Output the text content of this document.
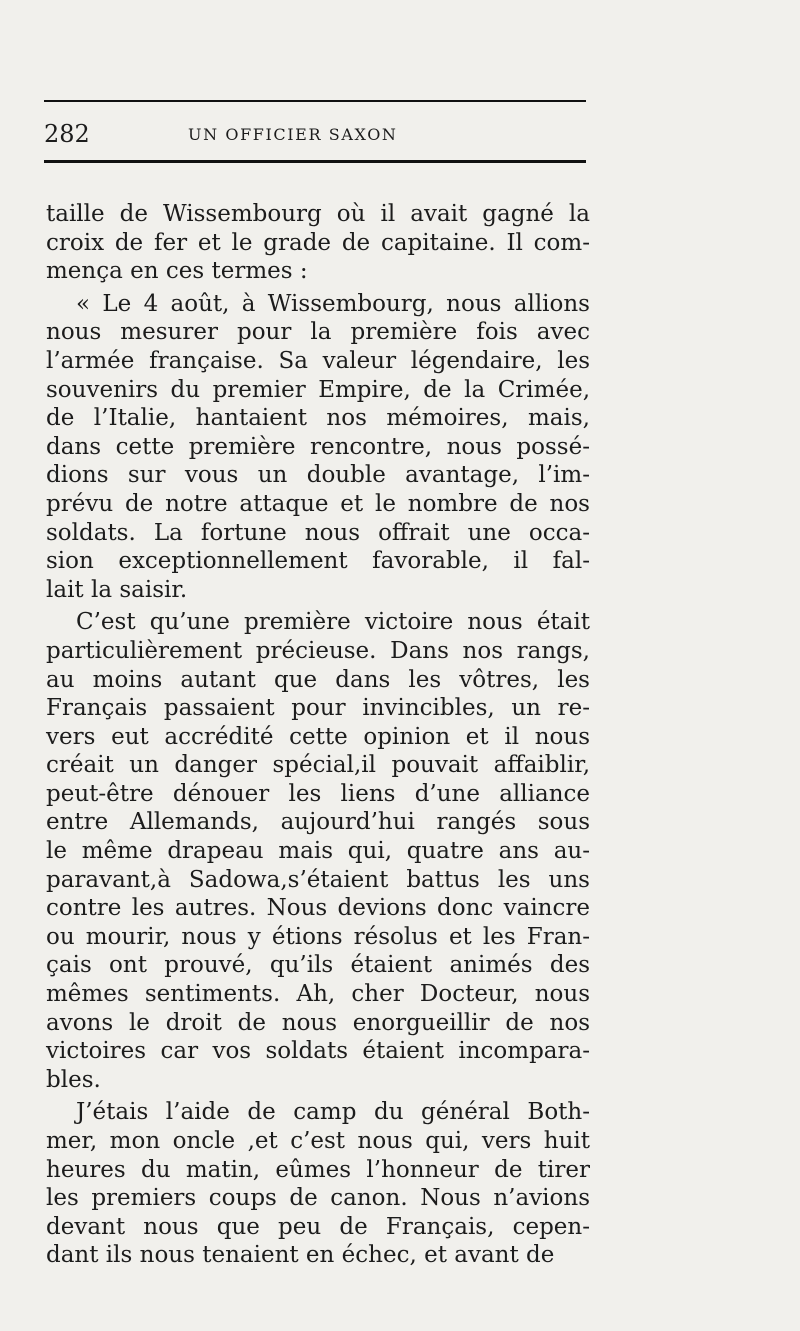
282	UN OFFICIER SAXON
taille de Wissembourg où il avait gagné la
croix de fer et le grade de capitaine. Il com-
mença en ces termes :
« Le 4 août, à Wissembourg, nous allions
nous mesurer pour la première fois avec
l’armée française. Sa valeur légendaire, les
souvenirs du premier Empire, de la Crimée,
de l’Italie, hantaient nos mémoires, mais,
dans cette première rencontre, nous possé-
dions sur vous un double avantage, l’im-
prévu de notre attaque et le nombre de nos
soldats. La fortune nous offrait une occa-
sion exceptionnellement favorable, il fal-
lait la saisir.
C’est qu’une première victoire nous était
particulièrement précieuse. Dans nos rangs,
au moins autant que dans les vôtres, les
Français passaient pour invincibles, un re-
vers eut accrédité cette opinion et il nous
créait un danger spécial,il pouvait affaiblir,
peut-être dénouer les liens d’une alliance
entre Allemands, aujourd’hui rangés sous
le même drapeau mais qui, quatre ans au-
paravant,à Sadowa,s’étaient battus les uns
contre les autres. Nous devions donc vaincre
ou mourir, nous y étions résolus et les Fran-
çais ont prouvé, qu’ils étaient animés des
mêmes sentiments. Ah, cher Docteur, nous
avons le droit de nous enorgueillir de nos
victoires car vos soldats étaient incompara-
bles.
J’étais l’aide de camp du général Both-
mer, mon oncle ,et c’est nous qui, vers huit
heures du matin, eûmes l’honneur de tirer
les premiers coups de canon. Nous n’avions
devant nous que peu de Français, cepen-
dant ils nous tenaient en échec, et avant de
